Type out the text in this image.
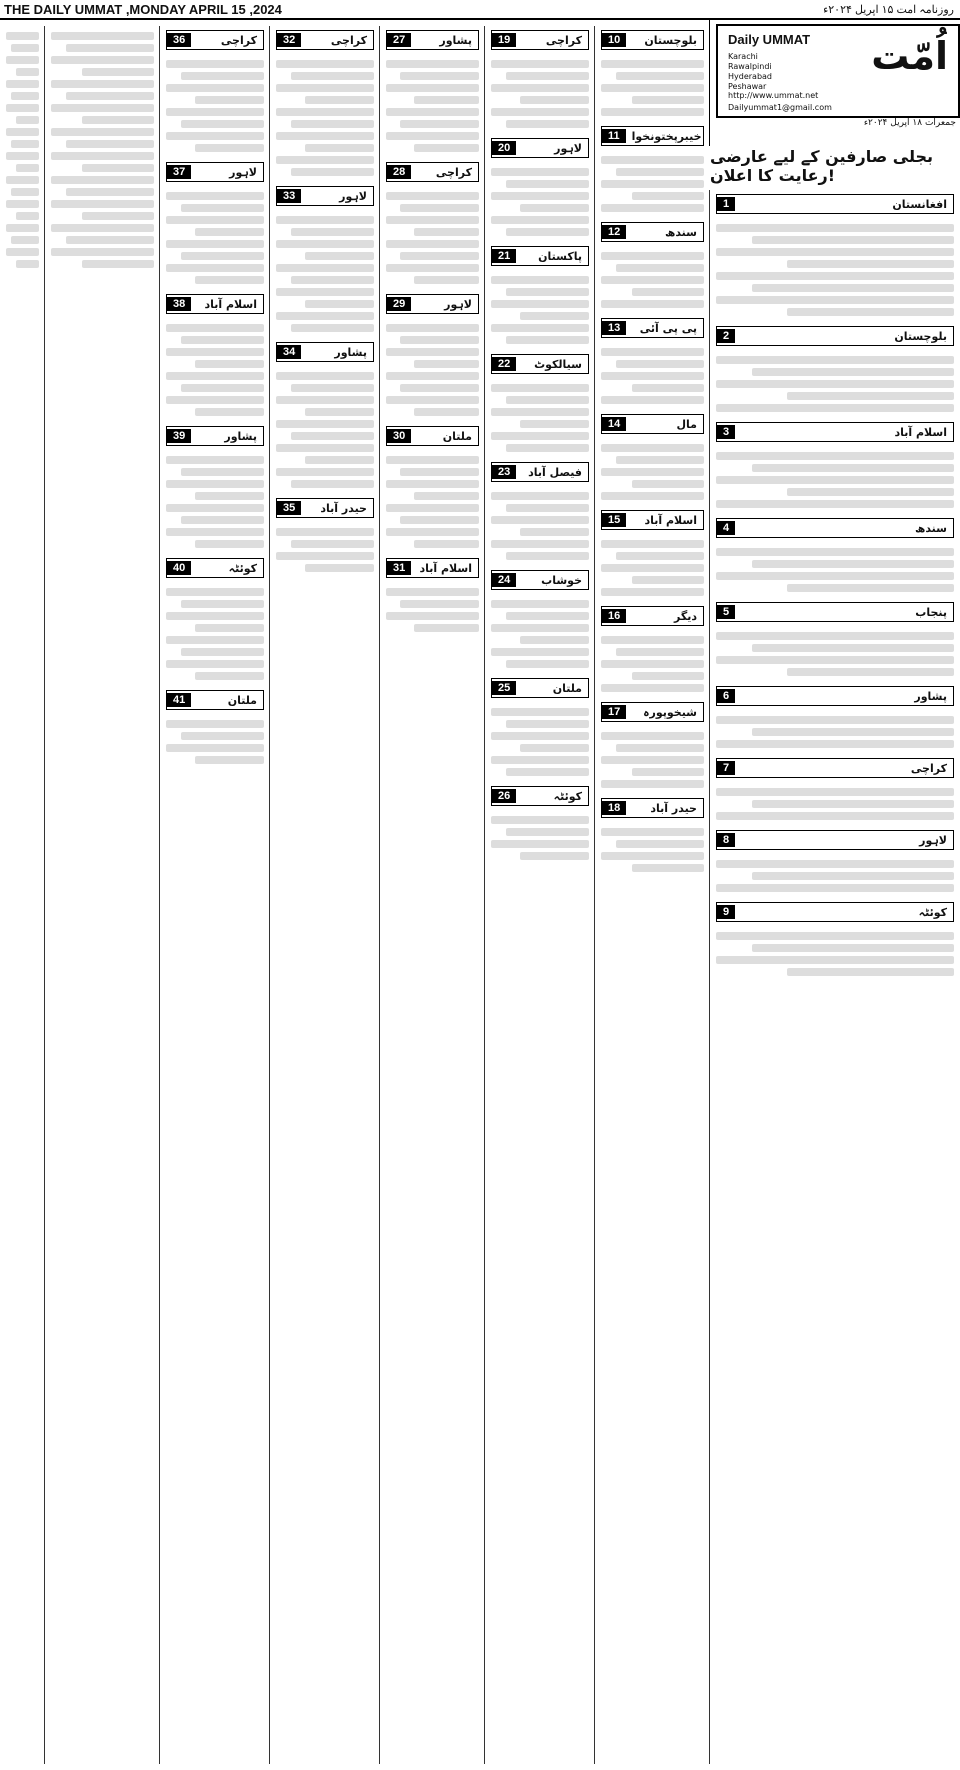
THE DAILY UMMAT ,MONDAY APRIL 15 ,2024	روزنامہ امت ۱۵ اپریل ۲۰۲۴ء
Daily UMMAT اُمّت
Karachi
Rawalpindi
Hyderabad
Peshawar
http://www.ummat.net
Dailyummat1@gmail.com
جمعرات ۱۸ اپریل ۲۰۲۴ء
بجلی صارفین کے لیے عارضی رعایت کا اعلان!
1	افغانستان
2	بلوچستان
3	اسلام آباد
4	سندھ
5	پنجاب
6	پشاور
7	کراچی
8	لاہور
9	کوئٹہ
10	بلوچستان
11	خیبرپختونخوا
12	سندھ
13	پی پی آئی
14	مال
15	اسلام آباد
16	دیگر
17	شیخوپورہ
18	حیدر آباد
19	کراچی
20	لاہور
21	پاکستان
22	سیالکوٹ
23	فیصل آباد
24	خوشاب
25	ملتان
26	کوئٹہ
27	پشاور
28	کراچی
29	لاہور
30	ملتان
31	اسلام آباد
32	کراچی
33	لاہور
34	پشاور
35	حیدر آباد
36	کراچی
37	لاہور
38	اسلام آباد
39	پشاور
40	کوئٹہ
41	ملتان
